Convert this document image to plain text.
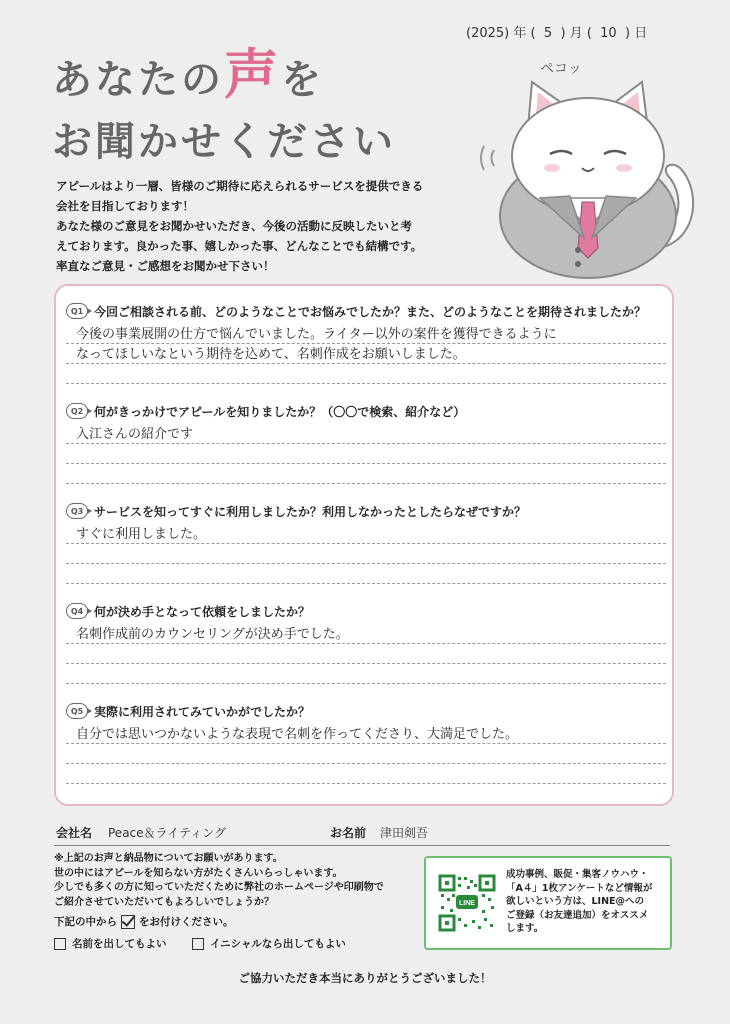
(2025) 年 ( 5 ) 月 ( 10 ) 日
あなたの声を
お聞かせください
アピールはより一層、皆様のご期待に応えられるサービスを提供できる
会社を目指しております！
あなた様のご意見をお聞かせいただき、今後の活動に反映したいと考
えております。良かった事、嬉しかった事、どんなことでも結構です。
率直なご意見・ご感想をお聞かせ下さい！
ペコッ
Q1 今回ご相談される前、どのようなことでお悩みでしたか？また、どのようなことを期待されましたか？
今後の事業展開の仕方で悩んでいました。ライター以外の案件を獲得できるように
なってほしいなという期待を込めて、名刺作成をお願いしました。
Q2 何がきっかけでアピールを知りましたか？（〇〇で検索、紹介など）
入江さんの紹介です
Q3 サービスを知ってすぐに利用しましたか？利用しなかったとしたらなぜですか？
すぐに利用しました。
Q4 何が決め手となって依頼をしましたか？
名刺作成前のカウンセリングが決め手でした。
Q5 実際に利用されてみていかがでしたか？
自分では思いつかないような表現で名刺を作ってくださり、大満足でした。
会社名 Peace＆ライティング	お名前 津田剣吾
※上記のお声と納品物についてお願いがあります。
世の中にはアピールを知らない方がたくさんいらっしゃいます。
少しでも多くの方に知っていただくために弊社のホームページや印刷物で
ご紹介させていただいてもよろしいでしょうか？
下記の中から をお付けください。
名前を出してもよい	イニシャルなら出してもよい
LINE
成功事例、販促・集客ノウハウ・
「A４」1枚アンケートなど情報が
欲しいという方は、LINE@への
ご登録（お友達追加）をオススメ
します。
ご協力いただき本当にありがとうございました！
